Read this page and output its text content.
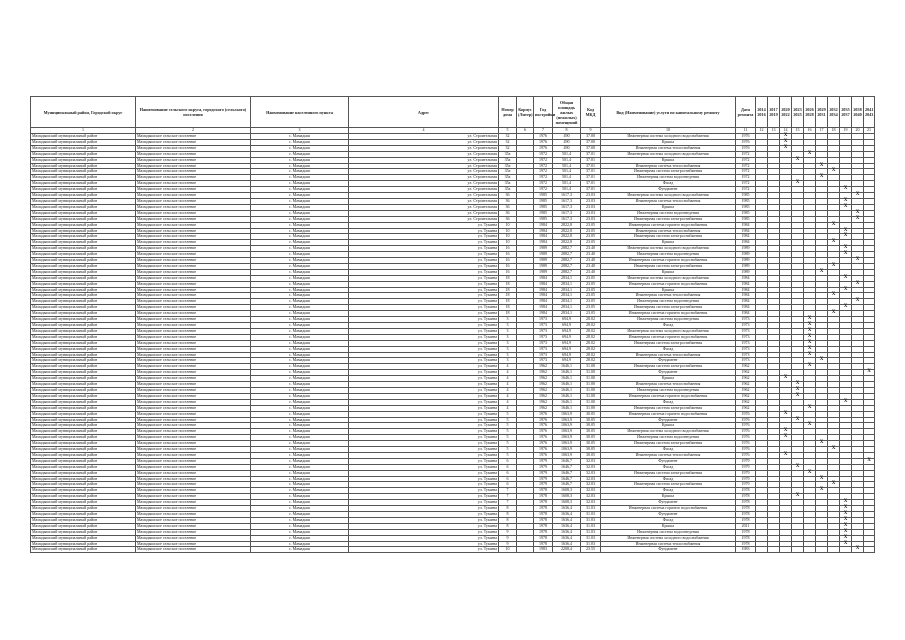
Муниципальный район, Городской округ	Наименование сельского округа, городского (сельского) поселения	Наименование населенного пункта	Адрес	Номер дома	Корпус (Литер)	Год постройки	Общая площадь жилых (нежилых) помещений	Код МКД	Вид (Наименование) услуги по капитальному ремонту	Дата ремонта	2014 2016	2017 2019	2020 2022	2023 2025	2026 2028	2029 2031	2032 2034	2035 2037	2038 2040	2041 2043
1	2	3	4	5	6	7	8	9	10	11	12	13	14	15	16	17	18	19	20	21
Мамадышский муниципальный район	Мамадышское сельское поселение	с. Мамадыш	ул. Строительная	32		1976	490	37.00	Инженерная система холодного водоснабжения	1976			X							
Мамадышский муниципальный район	Мамадышское сельское поселение	с. Мамадыш	ул. Строительная	32		1976	490	37.00	Крыша	1976			X							
Мамадышский муниципальный район	Мамадышское сельское поселение	с. Мамадыш	ул. Строительная	32		1976	490	37.00	Инженерная система теплоснабжения	1976			X							
Мамадышский муниципальный район	Мамадышское сельское поселение	с. Мамадыш	ул. Строительная	35а		1972	501,4	37.01	Инженерная система холодного водоснабжения	1972					X					
Мамадышский муниципальный район	Мамадышское сельское поселение	с. Мамадыш	ул. Строительная	35а		1972	501,4	37.01	Крыша	1972				X						
Мамадышский муниципальный район	Мамадышское сельское поселение	с. Мамадыш	ул. Строительная	35а		1972	501,4	37.01	Инженерная система теплоснабжения	1972						X				
Мамадышский муниципальный район	Мамадышское сельское поселение	с. Мамадыш	ул. Строительная	35а		1972	501,4	37.01	Инженерная система электроснабжения	1972							X			
Мамадышский муниципальный район	Мамадышское сельское поселение	с. Мамадыш	ул. Строительная	35а		1972	501,4	37.01	Инженерная система водоотведения	1972						X				
Мамадышский муниципальный район	Мамадышское сельское поселение	с. Мамадыш	ул. Строительная	35а		1972	501,4	37.01	Фасад	1972				X						
Мамадышский муниципальный район	Мамадышское сельское поселение	с. Мамадыш	ул. Строительная	35а		1972	501,4	37.01	Фундамент	1972								X		
Мамадышский муниципальный район	Мамадышское сельское поселение	с. Мамадыш	ул. Строительная	36		1985	1617,3	23.03	Инженерная система холодного водоснабжения	1985									X	
Мамадышский муниципальный район	Мамадышское сельское поселение	с. Мамадыш	ул. Строительная	36		1985	1617,3	23.03	Инженерная система теплоснабжения	1985								X		
Мамадышский муниципальный район	Мамадышское сельское поселение	с. Мамадыш	ул. Строительная	36		1985	1617,3	23.03	Крыша	1985								X		
Мамадышский муниципальный район	Мамадышское сельское поселение	с. Мамадыш	ул. Строительная	36		1985	1617,3	23.03	Инженерная система водоотведения	1985									X	
Мамадышский муниципальный район	Мамадышское сельское поселение	с. Мамадыш	ул. Строительная	36		1985	1617,3	23.03	Инженерная система электроснабжения	1985									X	
Мамадышский муниципальный район	Мамадышское сельское поселение	с. Мамадыш	ул. Тукаева	10		1984	2822,8	23.05	Инженерная система горячего водоснабжения	1984							X			
Мамадышский муниципальный район	Мамадышское сельское поселение	с. Мамадыш	ул. Тукаева	10		1984	2822,8	23.05	Инженерная система теплоснабжения	1984								X		
Мамадышский муниципальный район	Мамадышское сельское поселение	с. Мамадыш	ул. Тукаева	10		1984	2822,8	23.05	Инженерная система электроснабжения	1984								X		
Мамадышский муниципальный район	Мамадышское сельское поселение	с. Мамадыш	ул. Тукаева	10		1984	2822,8	23.05	Крыша	1984							X			
Мамадышский муниципальный район	Мамадышское сельское поселение	с. Мамадыш	ул. Тукаева	16		1989	2882,7	23.40	Инженерная система холодного водоснабжения	1989								X		
Мамадышский муниципальный район	Мамадышское сельское поселение	с. Мамадыш	ул. Тукаева	16		1989	2882,7	23.40	Инженерная система водоотведения	1989								X		
Мамадышский муниципальный район	Мамадышское сельское поселение	с. Мамадыш	ул. Тукаева	16		1989	2882,7	23.40	Инженерная система горячего водоснабжения	1989									X	
Мамадышский муниципальный район	Мамадышское сельское поселение	с. Мамадыш	ул. Тукаева	16		1989	2882,7	23.40	Инженерная система электроснабжения	1989							X			
Мамадышский муниципальный район	Мамадышское сельское поселение	с. Мамадыш	ул. Тукаева	16		1989	2882,7	23.40	Крыша	1989						X				
Мамадышский муниципальный район	Мамадышское сельское поселение	с. Мамадыш	ул. Тукаева	18		1984	2834,1	23.05	Инженерная система холодного водоснабжения	1984								X		
Мамадышский муниципальный район	Мамадышское сельское поселение	с. Мамадыш	ул. Тукаева	18		1984	2834,1	23.05	Инженерная система горячего водоснабжения	1984									X	
Мамадышский муниципальный район	Мамадышское сельское поселение	с. Мамадыш	ул. Тукаева	18		1984	2834,1	23.05	Крыша	1984								X		
Мамадышский муниципальный район	Мамадышское сельское поселение	с. Мамадыш	ул. Тукаева	18		1984	2834,1	23.05	Инженерная система теплоснабжения	1984							X			
Мамадышский муниципальный район	Мамадышское сельское поселение	с. Мамадыш	ул. Тукаева	18		1984	2834,1	23.05	Инженерная система водоотведения	1984									X	
Мамадышский муниципальный район	Мамадышское сельское поселение	с. Мамадыш	ул. Тукаева	18		1984	2834,1	23.05	Инженерная система электроснабжения	1984								X		
Мамадышский муниципальный район	Мамадышское сельское поселение	с. Мамадыш	ул. Тукаева	18		1984	2834,1	23.05	Инженерная система горячего водоснабжения	1984							X			
Мамадышский муниципальный район	Мамадышское сельское поселение	с. Мамадыш	ул. Тукаева	3		1973	694,9	28.02	Инженерная система водоотведения	1973					X					
Мамадышский муниципальный район	Мамадышское сельское поселение	с. Мамадыш	ул. Тукаева	3		1973	694,9	28.02	Фасад	1973					X					
Мамадышский муниципальный район	Мамадышское сельское поселение	с. Мамадыш	ул. Тукаева	3		1973	694,9	28.02	Инженерная система холодного водоснабжения	1973					X					
Мамадышский муниципальный район	Мамадышское сельское поселение	с. Мамадыш	ул. Тукаева	3		1973	694,9	28.02	Инженерная система горячего водоснабжения	1973					X					
Мамадышский муниципальный район	Мамадышское сельское поселение	с. Мамадыш	ул. Тукаева	3		1973	694,9	28.02	Инженерная система электроснабжения	1973					X					
Мамадышский муниципальный район	Мамадышское сельское поселение	с. Мамадыш	ул. Тукаева	3		1973	694,9	28.02	Фасад	1973					X					
Мамадышский муниципальный район	Мамадышское сельское поселение	с. Мамадыш	ул. Тукаева	3		1973	694,9	28.02	Инженерная система теплоснабжения	1973					X					
Мамадышский муниципальный район	Мамадышское сельское поселение	с. Мамадыш	ул. Тукаева	3		1973	694,9	28.02	Фундамент	1973						X				
Мамадышский муниципальный район	Мамадышское сельское поселение	с. Мамадыш	ул. Тукаева	4		1962	1646,1	31.00	Инженерная система электроснабжения	1962					X					
Мамадышский муниципальный район	Мамадышское сельское поселение	с. Мамадыш	ул. Тукаева	4		1962	1646,1	31.00	Фундамент	1962										X
Мамадышский муниципальный район	Мамадышское сельское поселение	с. Мамадыш	ул. Тукаева	4		1962	1646,1	31.00	Крыша	1962			X							
Мамадышский муниципальный район	Мамадышское сельское поселение	с. Мамадыш	ул. Тукаева	4		1962	1646,1	31.00	Инженерная система теплоснабжения	1962				X						
Мамадышский муниципальный район	Мамадышское сельское поселение	с. Мамадыш	ул. Тукаева	4		1962	1646,1	31.00	Инженерная система водоотведения	1962				X						
Мамадышский муниципальный район	Мамадышское сельское поселение	с. Мамадыш	ул. Тукаева	4		1962	1646,1	31.00	Инженерная система горячего водоснабжения	1962				X						
Мамадышский муниципальный район	Мамадышское сельское поселение	с. Мамадыш	ул. Тукаева	4		1962	1646,1	31.00	Фасад	1962								X		
Мамадышский муниципальный район	Мамадышское сельское поселение	с. Мамадыш	ул. Тукаева	4		1962	1646,1	31.00	Инженерная система электроснабжения	1962					X					
Мамадышский муниципальный район	Мамадышское сельское поселение	с. Мамадыш	ул. Тукаева	5		1976	1063,9	30.05	Инженерная система горячего водоснабжения	1976			X							
Мамадышский муниципальный район	Мамадышское сельское поселение	с. Мамадыш	ул. Тукаева	5		1976	1063,9	30.05	Фундамент	1976				X						
Мамадышский муниципальный район	Мамадышское сельское поселение	с. Мамадыш	ул. Тукаева	5		1976	1063,9	30.05	Крыша	1976					X					
Мамадышский муниципальный район	Мамадышское сельское поселение	с. Мамадыш	ул. Тукаева	5		1976	1063,9	30.05	Инженерная система холодного водоснабжения	1976			X							
Мамадышский муниципальный район	Мамадышское сельское поселение	с. Мамадыш	ул. Тукаева	5		1976	1063,9	30.05	Инженерная система водоотведения	1976			X							
Мамадышский муниципальный район	Мамадышское сельское поселение	с. Мамадыш	ул. Тукаева	5		1976	1063,9	30.05	Инженерная система электроснабжения	1976						X				
Мамадышский муниципальный район	Мамадышское сельское поселение	с. Мамадыш	ул. Тукаева	5		1976	1063,9	30.05	Фасад	1976							X			
Мамадышский муниципальный район	Мамадышское сельское поселение	с. Мамадыш	ул. Тукаева	5		1976	1063,9	30.05	Инженерная система теплоснабжения	1976			X							
Мамадышский муниципальный район	Мамадышское сельское поселение	с. Мамадыш	ул. Тукаева	6		1979	1646,7	32.03	Фундамент	1979										X
Мамадышский муниципальный район	Мамадышское сельское поселение	с. Мамадыш	ул. Тукаева	6		1979	1646,7	32.03	Фасад	1979				X						
Мамадышский муниципальный район	Мамадышское сельское поселение	с. Мамадыш	ул. Тукаева	6		1979	1646,7	32.03	Инженерная система электроснабжения	1979					X					
Мамадышский муниципальный район	Мамадышское сельское поселение	с. Мамадыш	ул. Тукаева	6		1979	1646,7	32.03	Фасад	1979						X				
Мамадышский муниципальный район	Мамадышское сельское поселение	с. Мамадыш	ул. Тукаева	6		1979	1646,7	32.03	Инженерная система электроснабжения	1979							X			
Мамадышский муниципальный район	Мамадышское сельское поселение	с. Мамадыш	ул. Тукаева	7		1978	1608,3	32.03	Фасад	1978						X				
Мамадышский муниципальный район	Мамадышское сельское поселение	с. Мамадыш	ул. Тукаева	7		1978	1608,3	32.03	Крыша	1978				X						
Мамадышский муниципальный район	Мамадышское сельское поселение	с. Мамадыш	ул. Тукаева	7		1978	1608,3	32.03	Фундамент	1978								X		
Мамадышский муниципальный район	Мамадышское сельское поселение	с. Мамадыш	ул. Тукаева	8		1978	1636,4	31.03	Инженерная система горячего водоснабжения	1978								X		
Мамадышский муниципальный район	Мамадышское сельское поселение	с. Мамадыш	ул. Тукаева	8		1978	1636,4	31.03	Фундамент	1978								X		
Мамадышский муниципальный район	Мамадышское сельское поселение	с. Мамадыш	ул. Тукаева	8		1978	1636,4	31.03	Фасад	1978								X		
Мамадышский муниципальный район	Мамадышское сельское поселение	с. Мамадыш	ул. Тукаева	8		1978	1636,4	31.03	Крыша	2011								X		
Мамадышский муниципальный район	Мамадышское сельское поселение	с. Мамадыш	ул. Тукаева	9		1978	1636,4	31.03	Инженерная система водоотведения	1978								X		
Мамадышский муниципальный район	Мамадышское сельское поселение	с. Мамадыш	ул. Тукаева	9		1978	1636,4	31.03	Инженерная система холодного водоснабжения	1978								X		
Мамадышский муниципальный район	Мамадышское сельское поселение	с. Мамадыш	ул. Тукаева	9		1978	1636,4	31.03	Инженерная система теплоснабжения	1978								X		
Мамадышский муниципальный район	Мамадышское сельское поселение	с. Мамадыш	ул. Тукаева	10		1983	2208,4	23.55	Фундамент	1983									X	
